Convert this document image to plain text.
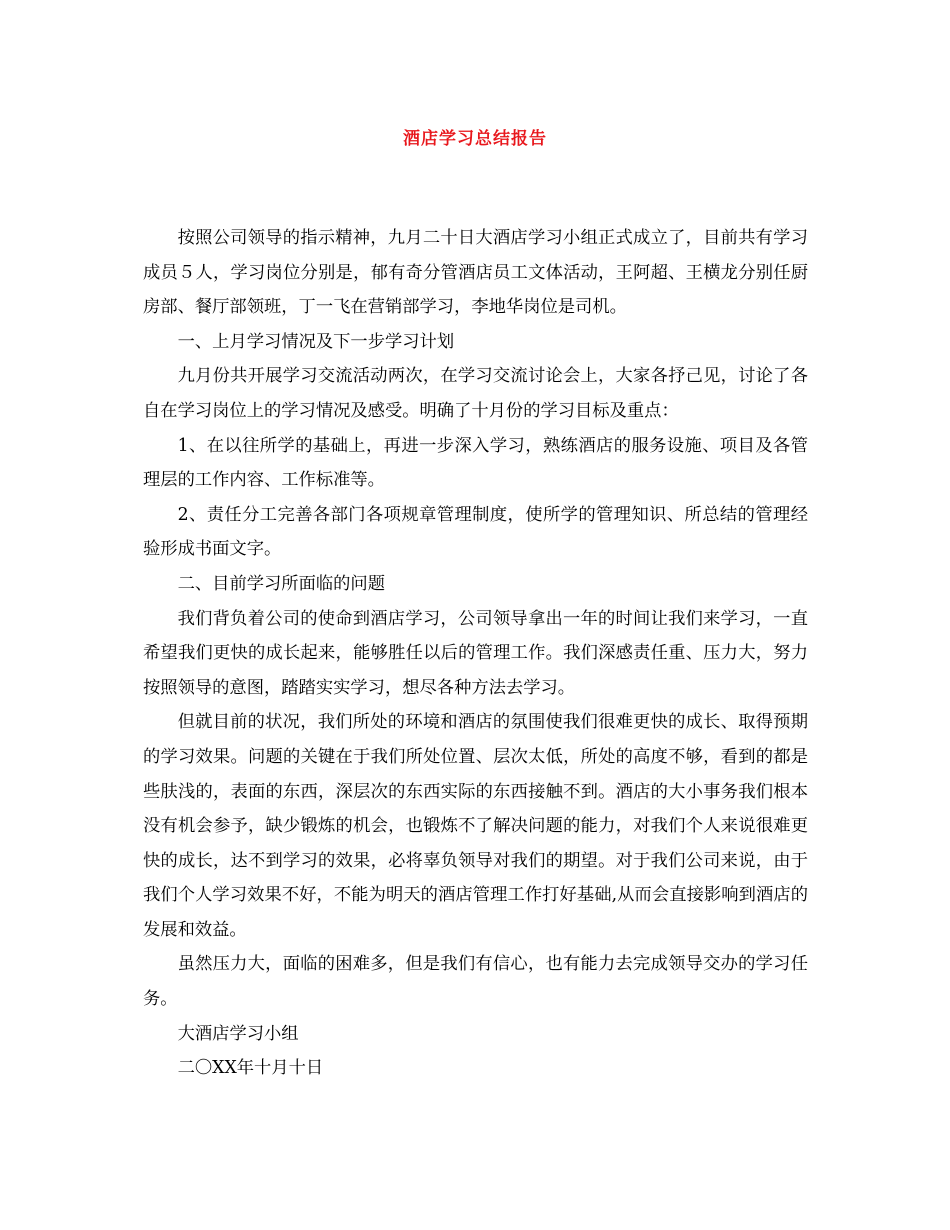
酒店学习总结报告

按照公司领导的指示精神，九月二十日大酒店学习小组正式成立了，目前共有学习成员５人，学习岗位分别是，郁有奇分管酒店员工文体活动，王阿超、王横龙分别任厨房部、餐厅部领班，丁一飞在营销部学习，李地华岗位是司机。

一、上月学习情况及下一步学习计划

九月份共开展学习交流活动两次，在学习交流讨论会上，大家各抒己见，讨论了各自在学习岗位上的学习情况及感受。明确了十月份的学习目标及重点：

1、在以往所学的基础上，再进一步深入学习，熟练酒店的服务设施、项目及各管理层的工作内容、工作标准等。

2、责任分工完善各部门各项规章管理制度，使所学的管理知识、所总结的管理经验形成书面文字。

二、目前学习所面临的问题

我们背负着公司的使命到酒店学习，公司领导拿出一年的时间让我们来学习，一直希望我们更快的成长起来，能够胜任以后的管理工作。我们深感责任重、压力大，努力按照领导的意图，踏踏实实学习，想尽各种方法去学习。

但就目前的状况，我们所处的环境和酒店的氛围使我们很难更快的成长、取得预期的学习效果。问题的关键在于我们所处位置、层次太低，所处的高度不够，看到的都是些肤浅的，表面的东西，深层次的东西实际的东西接触不到。酒店的大小事务我们根本没有机会参予，缺少锻炼的机会，也锻炼不了解决问题的能力，对我们个人来说很难更快的成长，达不到学习的效果，必将辜负领导对我们的期望。对于我们公司来说，由于我们个人学习效果不好，不能为明天的酒店管理工作打好基础,从而会直接影响到酒店的发展和效益。

虽然压力大，面临的困难多，但是我们有信心，也有能力去完成领导交办的学习任务。

大酒店学习小组

二〇XX年十月十日
